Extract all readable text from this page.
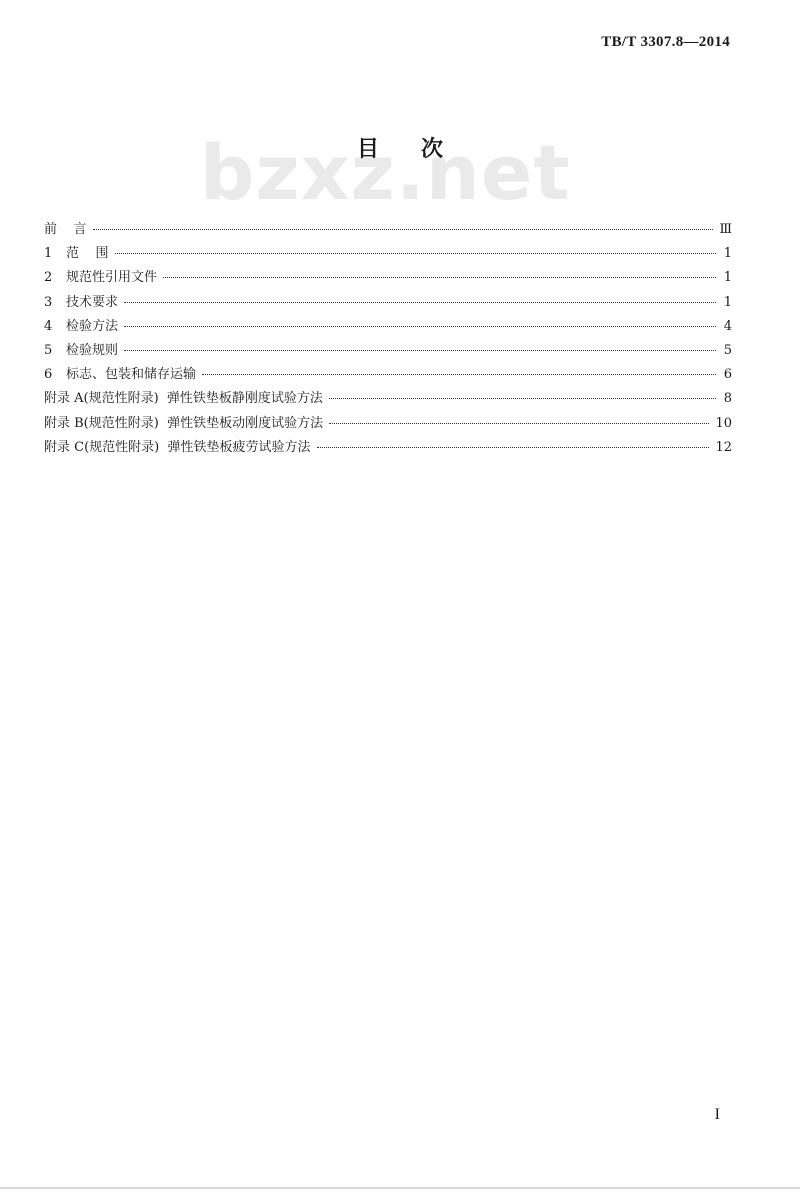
TB/T 3307.8—2014
bzxz.net
目次
前    言	Ⅲ
1	范    围	1
2	规范性引用文件	1
3	技术要求	1
4	检验方法	4
5	检验规则	5
6	标志、包装和储存运输	6
附录 A(规范性附录)  弹性铁垫板静刚度试验方法	8
附录 B(规范性附录)  弹性铁垫板动刚度试验方法	10
附录 C(规范性附录)  弹性铁垫板疲劳试验方法	12
I
